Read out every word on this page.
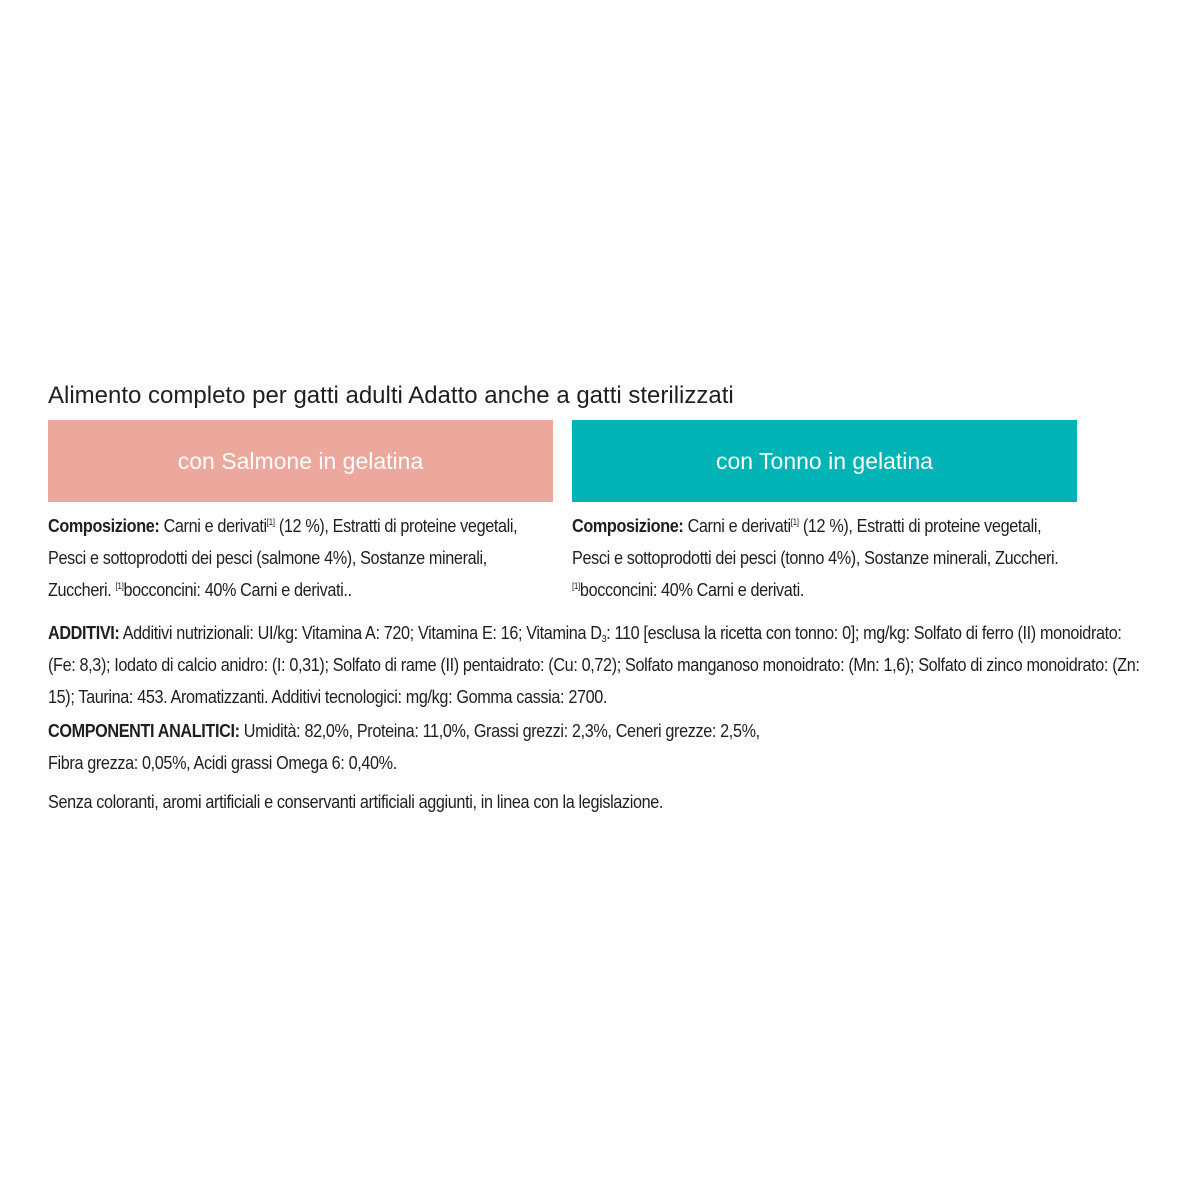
Alimento completo per gatti adulti Adatto anche a gatti sterilizzati
con Salmone in gelatina	con Tonno in gelatina
Composizione: Carni e derivati[1] (12 %), Estratti di proteine vegetali, Pesci e sottoprodotti dei pesci (salmone 4%), Sostanze minerali, Zuccheri. [1]bocconcini: 40% Carni e derivati..
Composizione: Carni e derivati[1] (12 %), Estratti di proteine vegetali, Pesci e sottoprodotti dei pesci (tonno 4%), Sostanze minerali, Zuccheri. [1]bocconcini: 40% Carni e derivati.
ADDITIVI: Additivi nutrizionali: UI/kg: Vitamina A: 720; Vitamina E: 16; Vitamina $D_3$: 110 [esclusa la ricetta con tonno: 0]; mg/kg: Solfato di ferro (II) monoidrato: (Fe: 8,3); Iodato di calcio anidro: (I: 0,31); Solfato di rame (II) pentaidrato: (Cu: 0,72); Solfato manganoso monoidrato: (Mn: 1,6); Solfato di zinco monoidrato: (Zn: 15); Taurina: 453. Aromatizzanti. Additivi tecnologici: mg/kg: Gomma cassia: 2700.
COMPONENTI ANALITICI: Umidità: 82,0%, Proteina: 11,0%, Grassi grezzi: 2,3%, Ceneri grezze: 2,5%,
Fibra grezza: 0,05%, Acidi grassi Omega 6: 0,40%.
Senza coloranti, aromi artificiali e conservanti artificiali aggiunti, in linea con la legislazione.
